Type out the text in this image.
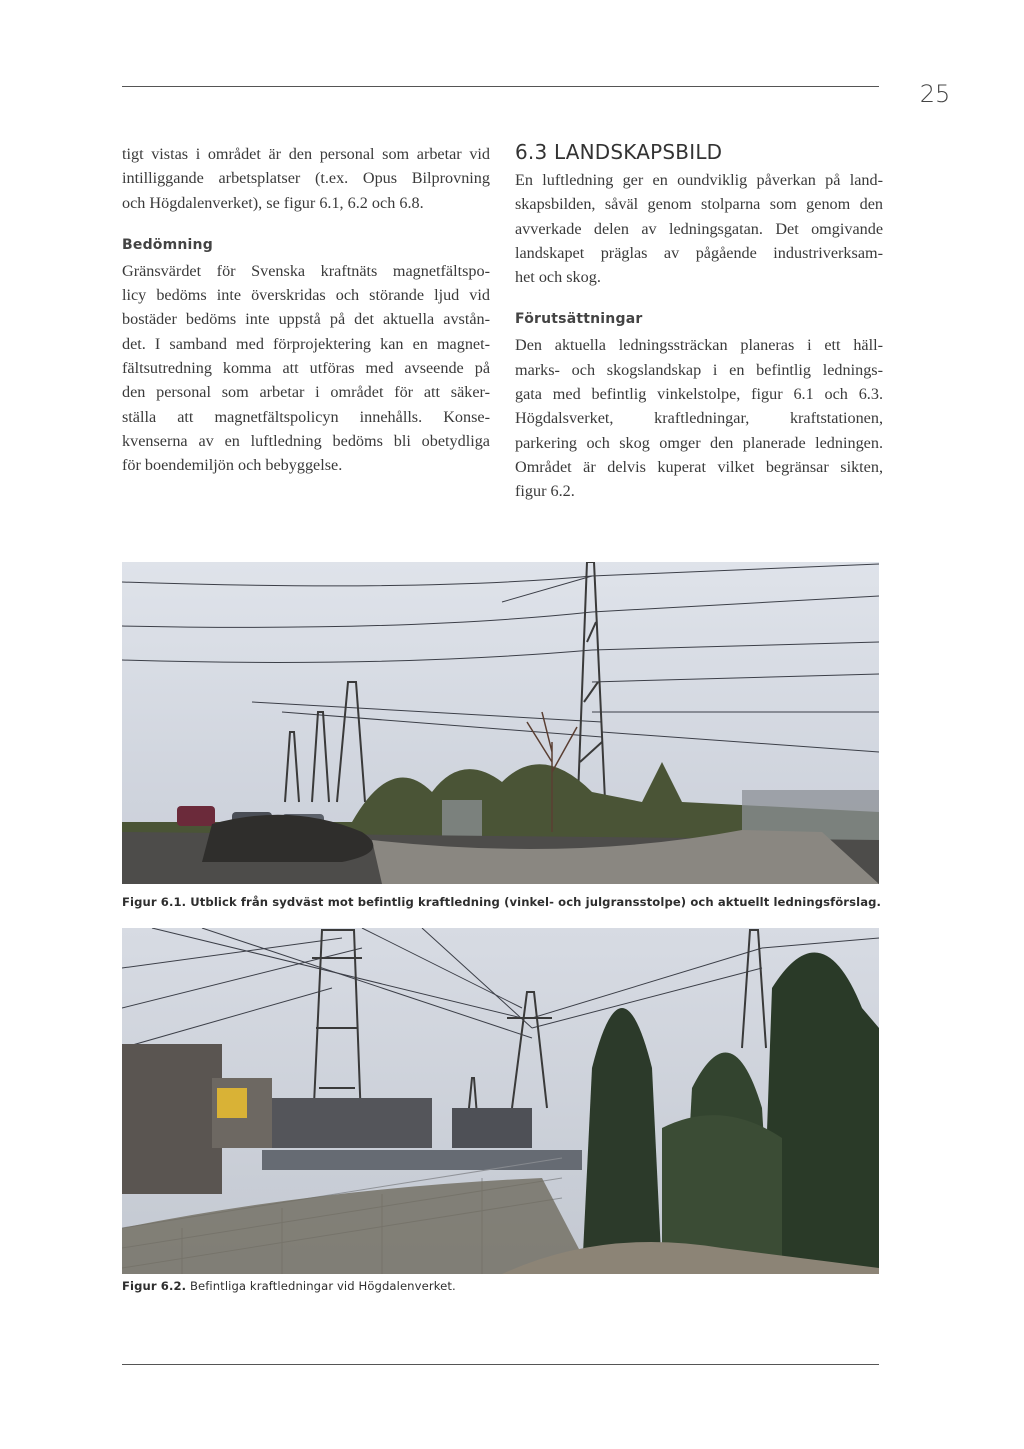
25
tigt vistas i området är den personal som arbetar vid
intilliggande arbetsplatser (t.ex. Opus Bilprovning
och Högdalenverket), se figur 6.1, 6.2 och 6.8.
Bedömning
Gränsvärdet för Svenska kraftnäts magnetfältspo-
licy bedöms inte överskridas och störande ljud vid
bostäder bedöms inte uppstå på det aktuella avstån-
det. I samband med förprojektering kan en magnet-
fältsutredning komma att utföras med avseende på
den personal som arbetar i området för att säker-
ställa att magnetfältspolicyn innehålls. Konse-
kvenserna av en luftledning bedöms bli obetydliga
för boendemiljön och bebyggelse.
6.3 LANDSKAPSBILD
En luftledning ger en oundviklig påverkan på land-
skapsbilden, såväl genom stolparna som genom den
avverkade delen av ledningsgatan. Det omgivande
landskapet präglas av pågående industriverksam-
het och skog.
Förutsättningar
Den aktuella ledningssträckan planeras i ett häll-
marks- och skogslandskap i en befintlig lednings-
gata med befintlig vinkelstolpe, figur 6.1 och 6.3.
Högdalsverket, kraftledningar, kraftstationen,
parkering och skog omger den planerade ledningen.
Området är delvis kuperat vilket begränsar sikten,
figur 6.2.
Figur 6.1. Utblick från sydväst mot befintlig kraftledning (vinkel- och julgransstolpe) och aktuellt ledningsförslag.
Figur 6.2. Befintliga kraftledningar vid Högdalenverket.
